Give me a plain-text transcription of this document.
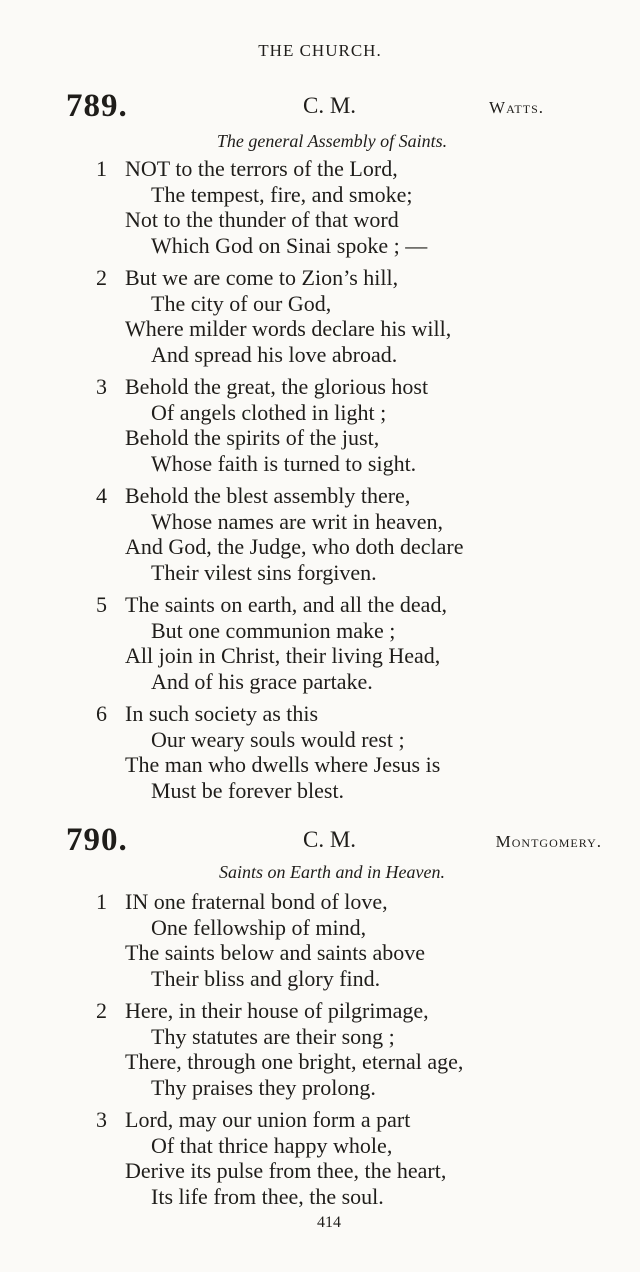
THE CHURCH.
789.	C. M.	Watts.
The general Assembly of Saints.
1 NOT to the terrors of the Lord,
The tempest, fire, and smoke;
Not to the thunder of that word
Which God on Sinai spoke ; —
2 But we are come to Zion’s hill,
The city of our God,
Where milder words declare his will,
And spread his love abroad.
3 Behold the great, the glorious host
Of angels clothed in light ;
Behold the spirits of the just,
Whose faith is turned to sight.
4 Behold the blest assembly there,
Whose names are writ in heaven,
And God, the Judge, who doth declare
Their vilest sins forgiven.
5 The saints on earth, and all the dead,
But one communion make ;
All join in Christ, their living Head,
And of his grace partake.
6 In such society as this
Our weary souls would rest ;
The man who dwells where Jesus is
Must be forever blest.
790.	C. M.	Montgomery.
Saints on Earth and in Heaven.
1 IN one fraternal bond of love,
One fellowship of mind,
The saints below and saints above
Their bliss and glory find.
2 Here, in their house of pilgrimage,
Thy statutes are their song ;
There, through one bright, eternal age,
Thy praises they prolong.
3 Lord, may our union form a part
Of that thrice happy whole,
Derive its pulse from thee, the heart,
Its life from thee, the soul.
414
